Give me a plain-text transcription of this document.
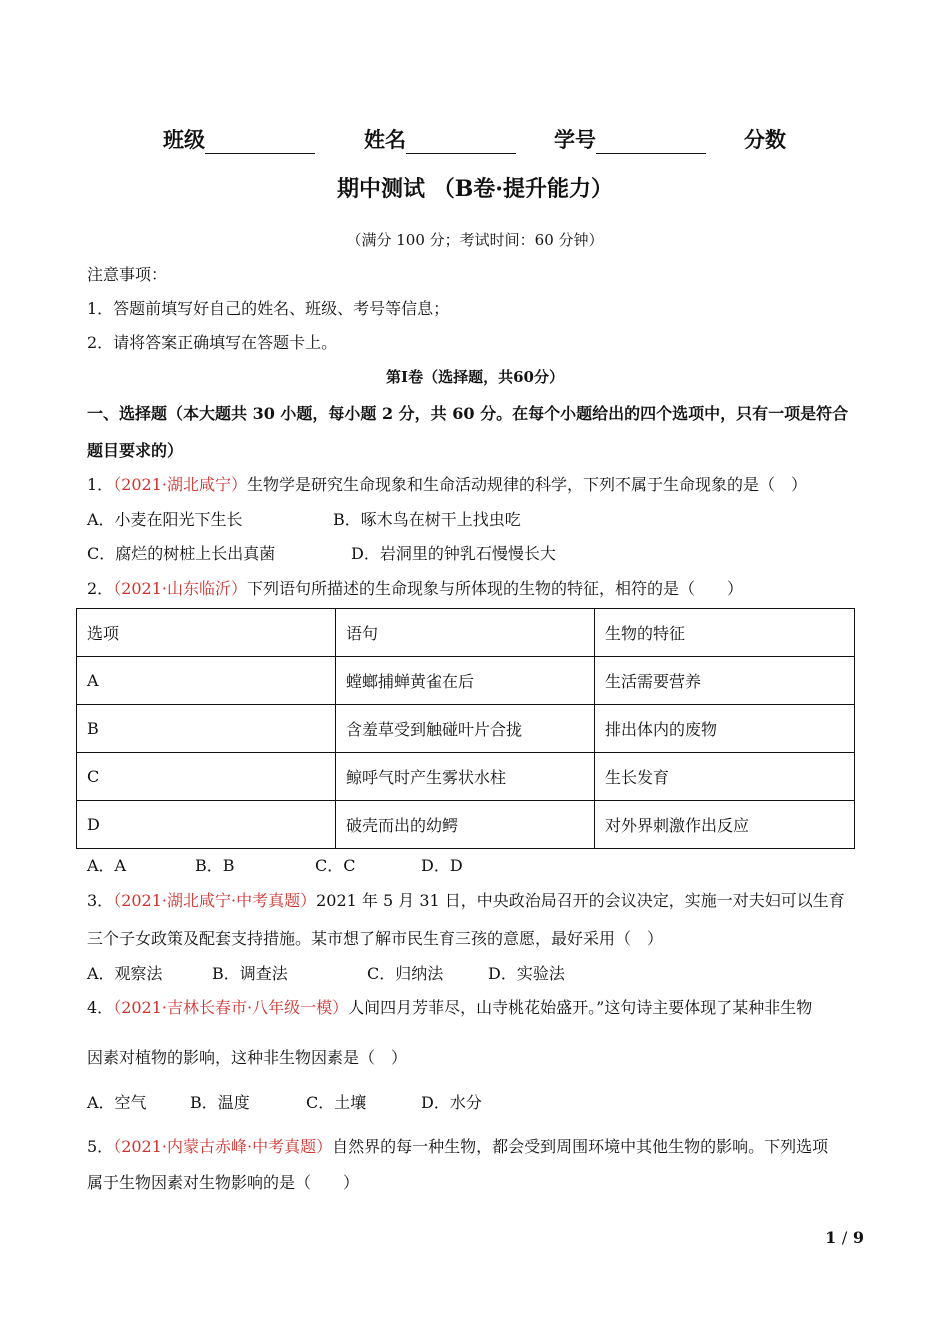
班级	姓名	学号	分数
期中测试 （B卷·提升能力）
（满分 100 分；考试时间：60 分钟）
注意事项：
1．答题前填写好自己的姓名、班级、考号等信息；
2．请将答案正确填写在答题卡上。
第I卷（选择题，共60分）
一、选择题（本大题共 30 小题，每小题 2 分，共 60 分。在每个小题给出的四个选项中，只有一项是符合
题目要求的）
1．（2021·湖北咸宁）生物学是研究生命现象和生命活动规律的科学，下列不属于生命现象的是（　）
A．小麦在阳光下生长	B．啄木鸟在树干上找虫吃
C．腐烂的树桩上长出真菌	D．岩洞里的钟乳石慢慢长大
2．（2021·山东临沂）下列语句所描述的生命现象与所体现的生物的特征，相符的是（　　）
选项	语句	生物的特征
A	螳螂捕蝉黄雀在后	生活需要营养
B	含羞草受到触碰叶片合拢	排出体内的废物
C	鲸呼气时产生雾状水柱	生长发育
D	破壳而出的幼鳄	对外界刺激作出反应
A．A	B．B	C．C	D．D
3．（2021·湖北咸宁·中考真题）2021 年 5 月 31 日，中央政治局召开的会议决定，实施一对夫妇可以生育
三个子女政策及配套支持措施。某市想了解市民生育三孩的意愿，最好采用（　）
A．观察法	B．调查法	C．归纳法	D．实验法
4．（2021·吉林长春市·八年级一模）人间四月芳菲尽，山寺桃花始盛开。”这句诗主要体现了某种非生物
因素对植物的影响，这种非生物因素是（　）
A．空气	B．温度	C．土壤	D．水分
5．（2021·内蒙古赤峰·中考真题）自然界的每一种生物，都会受到周围环境中其他生物的影响。下列选项
属于生物因素对生物影响的是（　　）
1 / 9
